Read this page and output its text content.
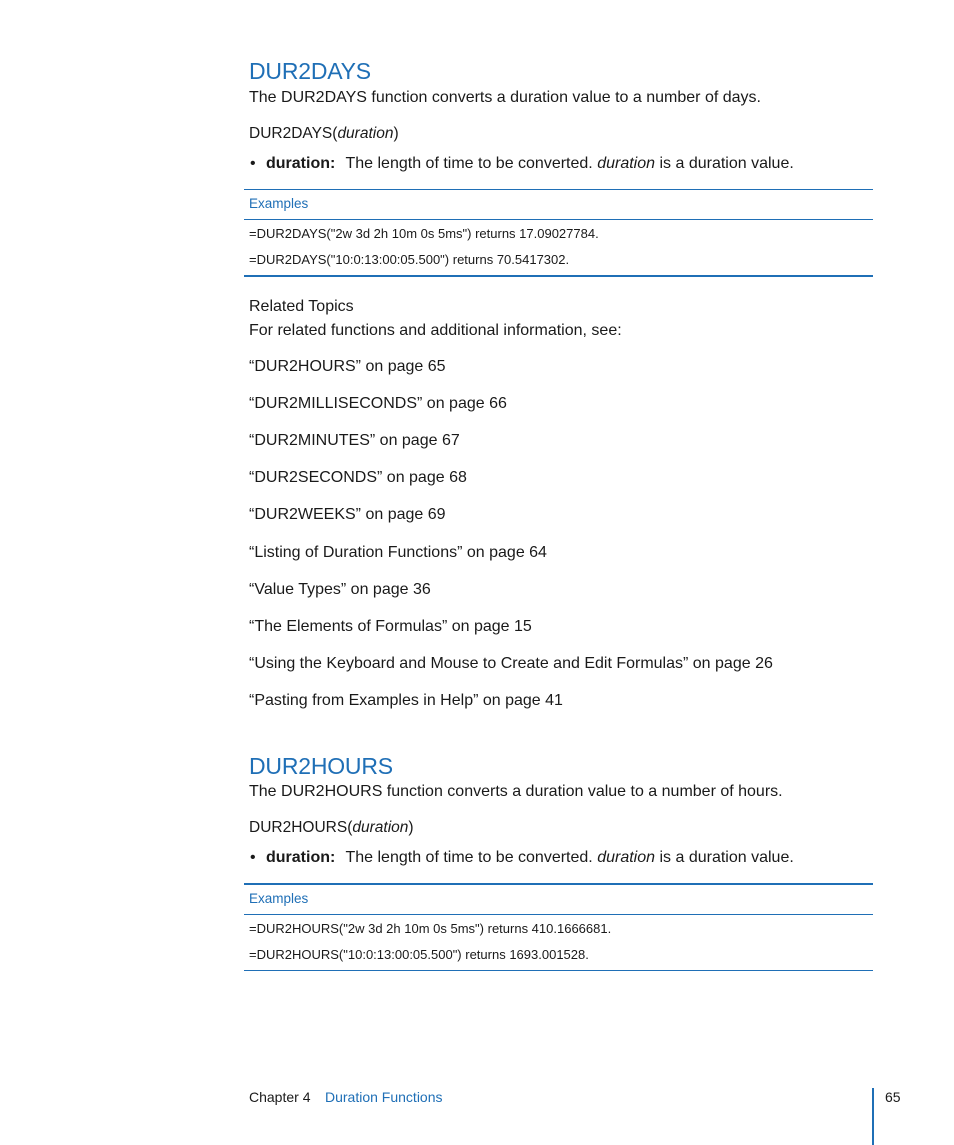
DUR2DAYS
The DUR2DAYS function converts a duration value to a number of days.
DUR2DAYS(duration)
• duration: The length of time to be converted. duration is a duration value.
Examples
=DUR2DAYS("2w 3d 2h 10m 0s 5ms") returns 17.09027784.
=DUR2DAYS("10:0:13:00:05.500") returns 70.5417302.
Related Topics
For related functions and additional information, see:
“DUR2HOURS” on page 65
“DUR2MILLISECONDS” on page 66
“DUR2MINUTES” on page 67
“DUR2SECONDS” on page 68
“DUR2WEEKS” on page 69
“Listing of Duration Functions” on page 64
“Value Types” on page 36
“The Elements of Formulas” on page 15
“Using the Keyboard and Mouse to Create and Edit Formulas” on page 26
“Pasting from Examples in Help” on page 41
DUR2HOURS
The DUR2HOURS function converts a duration value to a number of hours.
DUR2HOURS(duration)
• duration: The length of time to be converted. duration is a duration value.
Examples
=DUR2HOURS("2w 3d 2h 10m 0s 5ms") returns 410.1666681.
=DUR2HOURS("10:0:13:00:05.500") returns 1693.001528.
Chapter 4 Duration Functions	65
